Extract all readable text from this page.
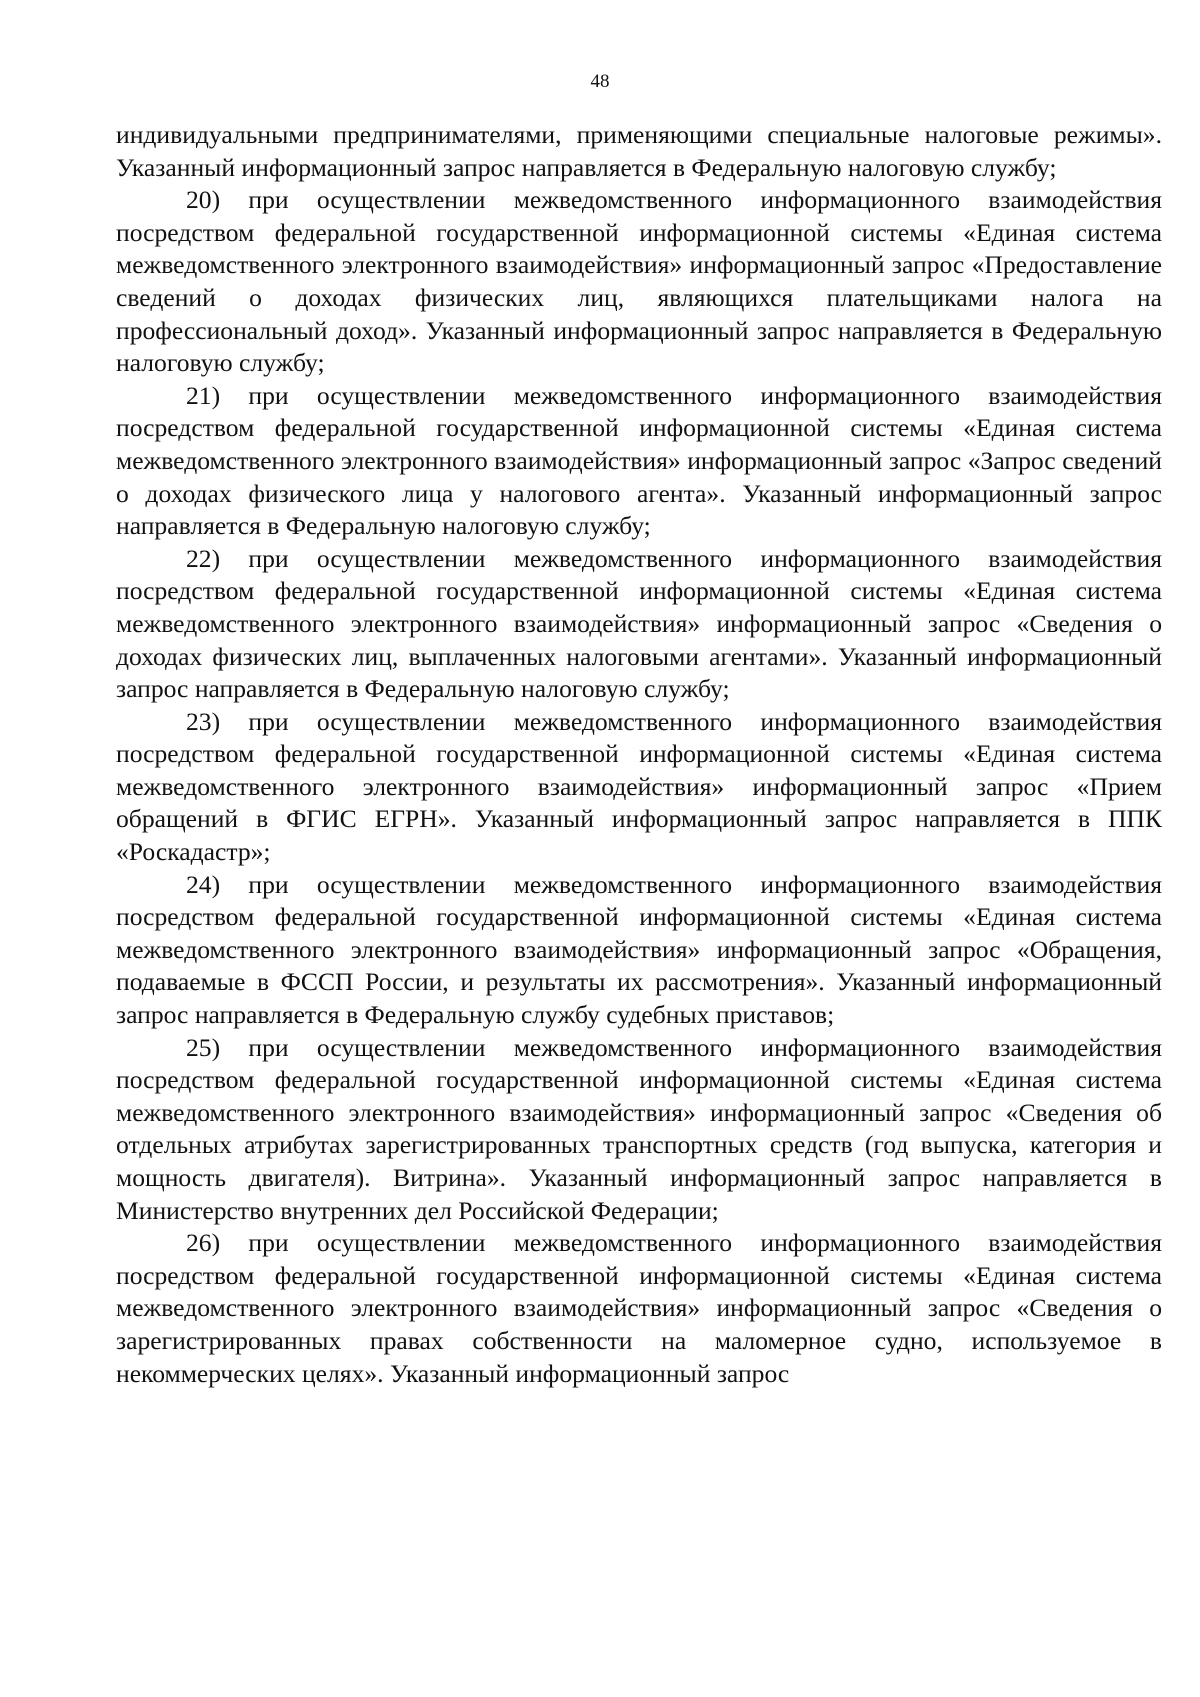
48

индивидуальными предпринимателями, применяющими специальные налоговые режимы». Указанный информационный запрос направляется в Федеральную налоговую службу;

20) при осуществлении межведомственного информационного взаимодействия посредством федеральной государственной информационной системы «Единая система межведомственного электронного взаимодействия» информационный запрос «Предоставление сведений о доходах физических лиц, являющихся плательщиками налога на профессиональный доход». Указанный информационный запрос направляется в Федеральную налоговую службу;

21) при осуществлении межведомственного информационного взаимодействия посредством федеральной государственной информационной системы «Единая система межведомственного электронного взаимодействия» информационный запрос «Запрос сведений о доходах физического лица у налогового агента». Указанный информационный запрос направляется в Федеральную налоговую службу;

22) при осуществлении межведомственного информационного взаимодействия посредством федеральной государственной информационной системы «Единая система межведомственного электронного взаимодействия» информационный запрос «Сведения о доходах физических лиц, выплаченных налоговыми агентами». Указанный информационный запрос направляется в Федеральную налоговую службу;

23) при осуществлении межведомственного информационного взаимодействия посредством федеральной государственной информационной системы «Единая система межведомственного электронного взаимодействия» информационный запрос «Прием обращений в ФГИС ЕГРН». Указанный информационный запрос направляется в ППК «Роскадастр»;

24) при осуществлении межведомственного информационного взаимодействия посредством федеральной государственной информационной системы «Единая система межведомственного электронного взаимодействия» информационный запрос «Обращения, подаваемые в ФССП России, и результаты их рассмотрения». Указанный информационный запрос направляется в Федеральную службу судебных приставов;

25) при осуществлении межведомственного информационного взаимодействия посредством федеральной государственной информационной системы «Единая система межведомственного электронного взаимодействия» информационный запрос «Сведения об отдельных атрибутах зарегистрированных транспортных средств (год выпуска, категория и мощность двигателя). Витрина». Указанный информационный запрос направляется в Министерство внутренних дел Российской Федерации;

26) при осуществлении межведомственного информационного взаимодействия посредством федеральной государственной информационной системы «Единая система межведомственного электронного взаимодействия» информационный запрос «Сведения о зарегистрированных правах собственности на маломерное судно, используемое в некоммерческих целях». Указанный информационный запрос
